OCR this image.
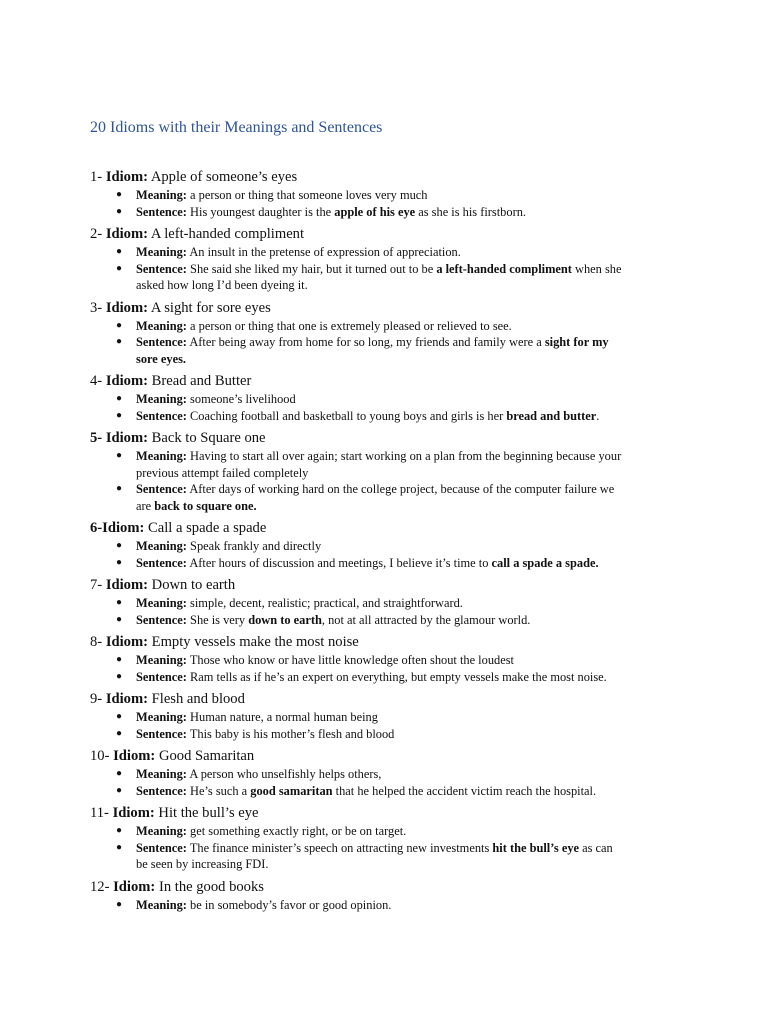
20 Idioms with their Meanings and Sentences
1- Idiom: Apple of someone’s eyes
● Meaning: a person or thing that someone loves very much
● Sentence: His youngest daughter is the apple of his eye as she is his firstborn.
2- Idiom: A left-handed compliment
● Meaning: An insult in the pretense of expression of appreciation.
● Sentence: She said she liked my hair, but it turned out to be a left-handed compliment when she
asked how long I’d been dyeing it.
3- Idiom: A sight for sore eyes
● Meaning: a person or thing that one is extremely pleased or relieved to see.
● Sentence: After being away from home for so long, my friends and family were a sight for my
sore eyes.
4- Idiom: Bread and Butter
● Meaning: someone’s livelihood
● Sentence: Coaching football and basketball to young boys and girls is her bread and butter.
5- Idiom: Back to Square one
● Meaning: Having to start all over again; start working on a plan from the beginning because your
previous attempt failed completely
● Sentence: After days of working hard on the college project, because of the computer failure we
are back to square one.
6-Idiom: Call a spade a spade
● Meaning: Speak frankly and directly
● Sentence: After hours of discussion and meetings, I believe it’s time to call a spade a spade.
7- Idiom: Down to earth
● Meaning: simple, decent, realistic; practical, and straightforward.
● Sentence: She is very down to earth, not at all attracted by the glamour world.
8- Idiom: Empty vessels make the most noise
● Meaning: Those who know or have little knowledge often shout the loudest
● Sentence: Ram tells as if he’s an expert on everything, but empty vessels make the most noise.
9- Idiom: Flesh and blood
● Meaning: Human nature, a normal human being
● Sentence: This baby is his mother’s flesh and blood
10- Idiom: Good Samaritan
● Meaning: A person who unselfishly helps others,
● Sentence: He’s such a good samaritan that he helped the accident victim reach the hospital.
11- Idiom: Hit the bull’s eye
● Meaning: get something exactly right, or be on target.
● Sentence: The finance minister’s speech on attracting new investments hit the bull’s eye as can
be seen by increasing FDI.
12- Idiom: In the good books
● Meaning: be in somebody’s favor or good opinion.
